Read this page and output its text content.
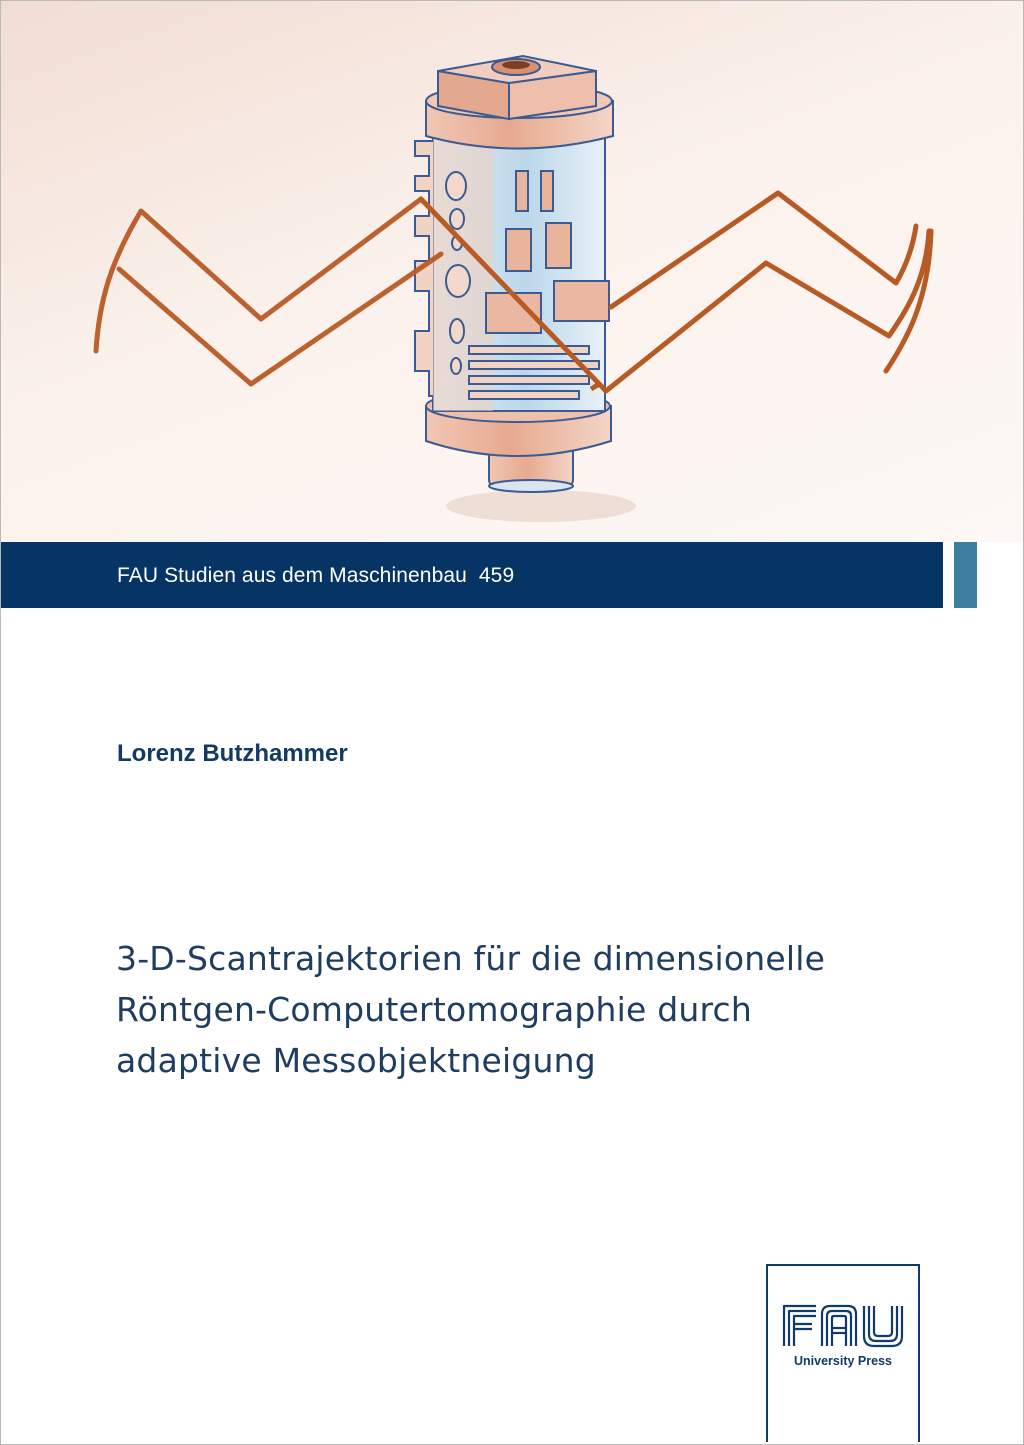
FAU Studien aus dem Maschinenbau 459
Lorenz Butzhammer
3-D-Scantrajektorien für die dimensionelle
Röntgen-Computertomographie durch
adaptive Messobjektneigung
University Press
